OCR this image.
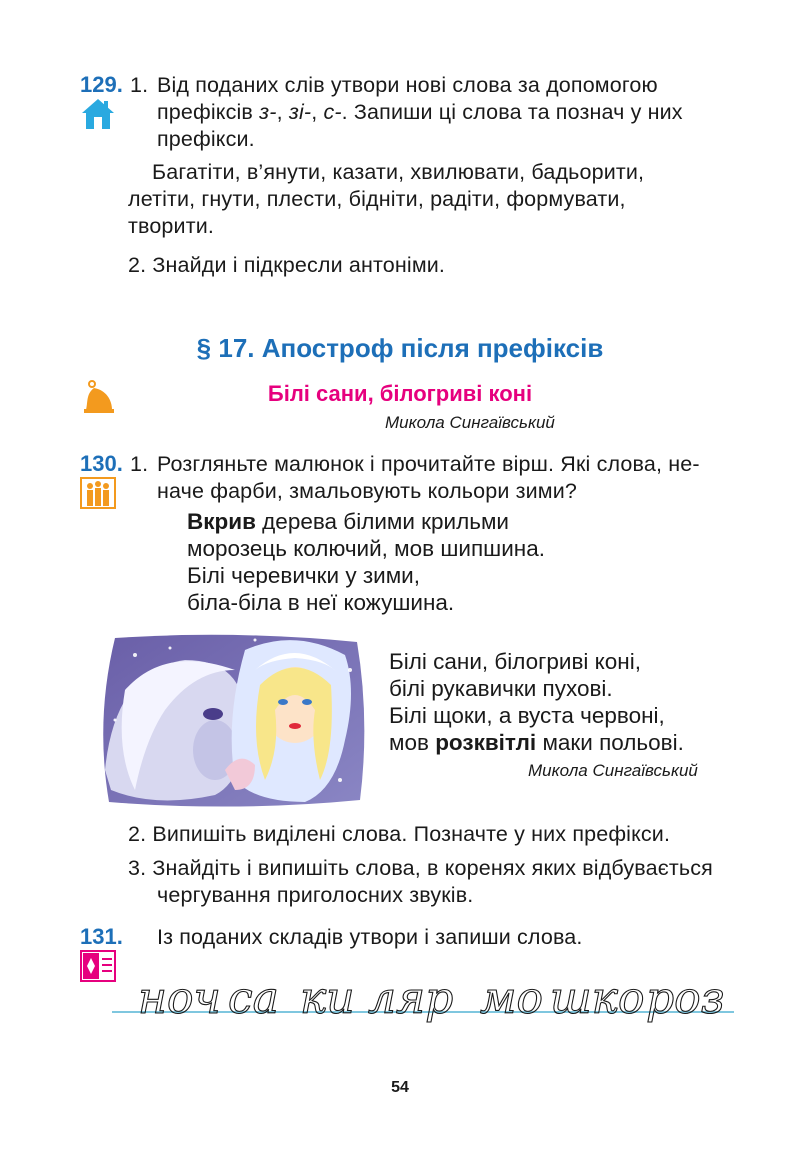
129. 1. Від поданих слів утвори нові слова за допомогою
префіксів з-, зі-, с-. Запиши ці слова та познач у них
префікси.
Багатіти, в’янути, казати, хвилювати, бадьорити,
летіти, гнути, плести, бідніти, радіти, формувати,
творити.
2. Знайди і підкресли антоніми.
§ 17. Апостроф після префіксів
Білі сани, білогриві коні
Микола Сингаївський
130. 1. Розгляньте малюнок і прочитайте вірш. Які слова, не-
наче фарби, змальовують кольори зими?
Вкрив дерева білими крильми
морозець колючий, мов шипшина.
Білі черевички у зими,
біла-біла в неї кожушина.
Білі сани, білогриві коні,
білі рукавички пухові.
Білі щоки, а вуста червоні,
мов розквітлі маки польові.
Микола Сингаївський
2. Випишіть виділені слова. Позначте у них префікси.
3. Знайдіть і випишіть слова, в коренях яких відбувається
чергування приголосних звуків.
131. Із поданих складів утвори і запиши слова.
ноч са ки ляр мо шко роз
54
